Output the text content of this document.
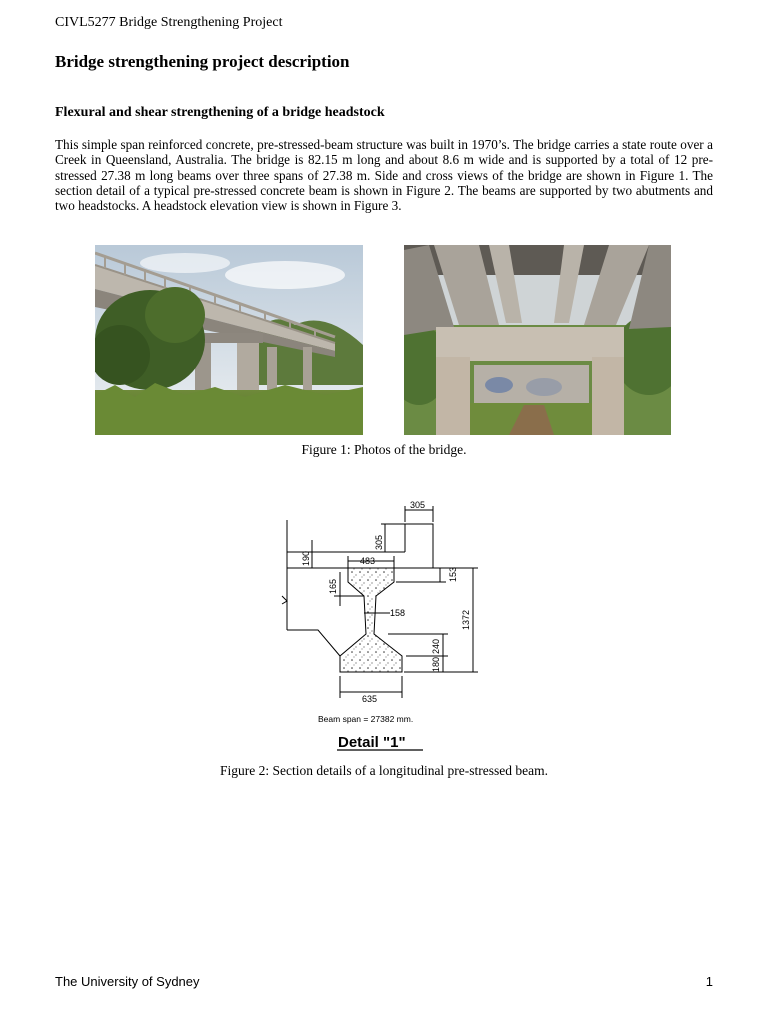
CIVL5277 Bridge Strengthening Project
Bridge strengthening project description
Flexural and shear strengthening of a bridge headstock

This simple span reinforced concrete, pre-stressed-beam structure was built in 1970’s. The bridge carries a state route over a Creek in Queensland, Australia. The bridge is 82.15 m long and about 8.6 m wide and is supported by a total of 12 pre-stressed 27.38 m long beams over three spans of 27.38 m. Side and cross views of the bridge are shown in Figure 1. The section detail of a typical pre-stressed concrete beam is shown in Figure 2. The beams are supported by two abutments and two headstocks. A headstock elevation view is shown in Figure 3.

Figure 1: Photos of the bridge.
305
305
190	483
153
165
158	1372
240
180
635
Beam span = 27382 mm.
Detail "1"
Figure 2: Section details of a longitudinal pre-stressed beam.
The University of Sydney	1
